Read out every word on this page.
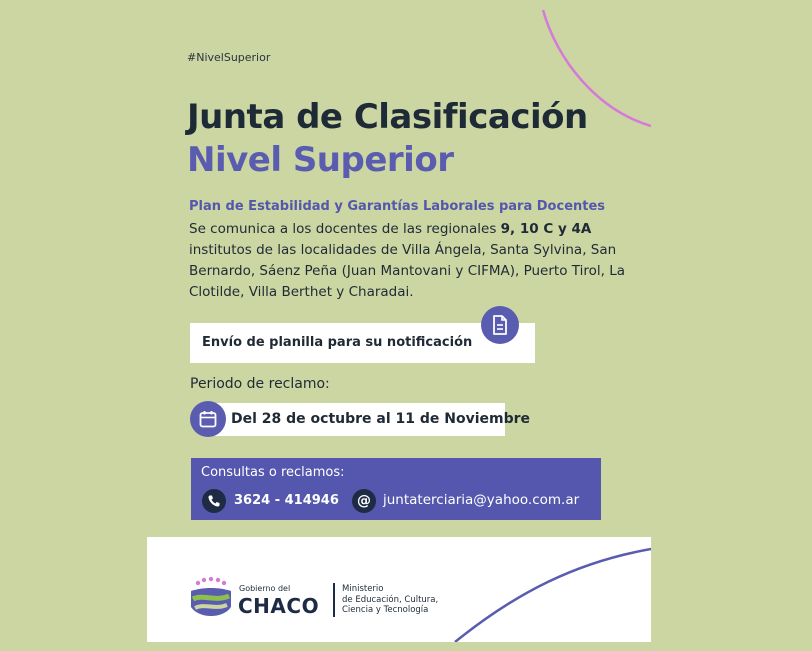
#NivelSuperior
Junta de Clasificación
Nivel Superior
Plan de Estabilidad y Garantías Laborales para Docentes
Se comunica a los docentes de las regionales 9, 10 C y 4A institutos de las localidades de Villa Ángela, Santa Sylvina, San Bernardo, Sáenz Peña (Juan Mantovani y CIFMA), Puerto Tirol, La Clotilde, Villa Berthet y Charadai.
Envío de planilla para su notificación
Periodo de reclamo:
Del 28 de octubre al 11 de Noviembre
Consultas o reclamos:
3624 - 414946	@ juntaterciaria@yahoo.com.ar
Gobierno del
CHACO
Ministerio
de Educación, Cultura,
Ciencia y Tecnología
